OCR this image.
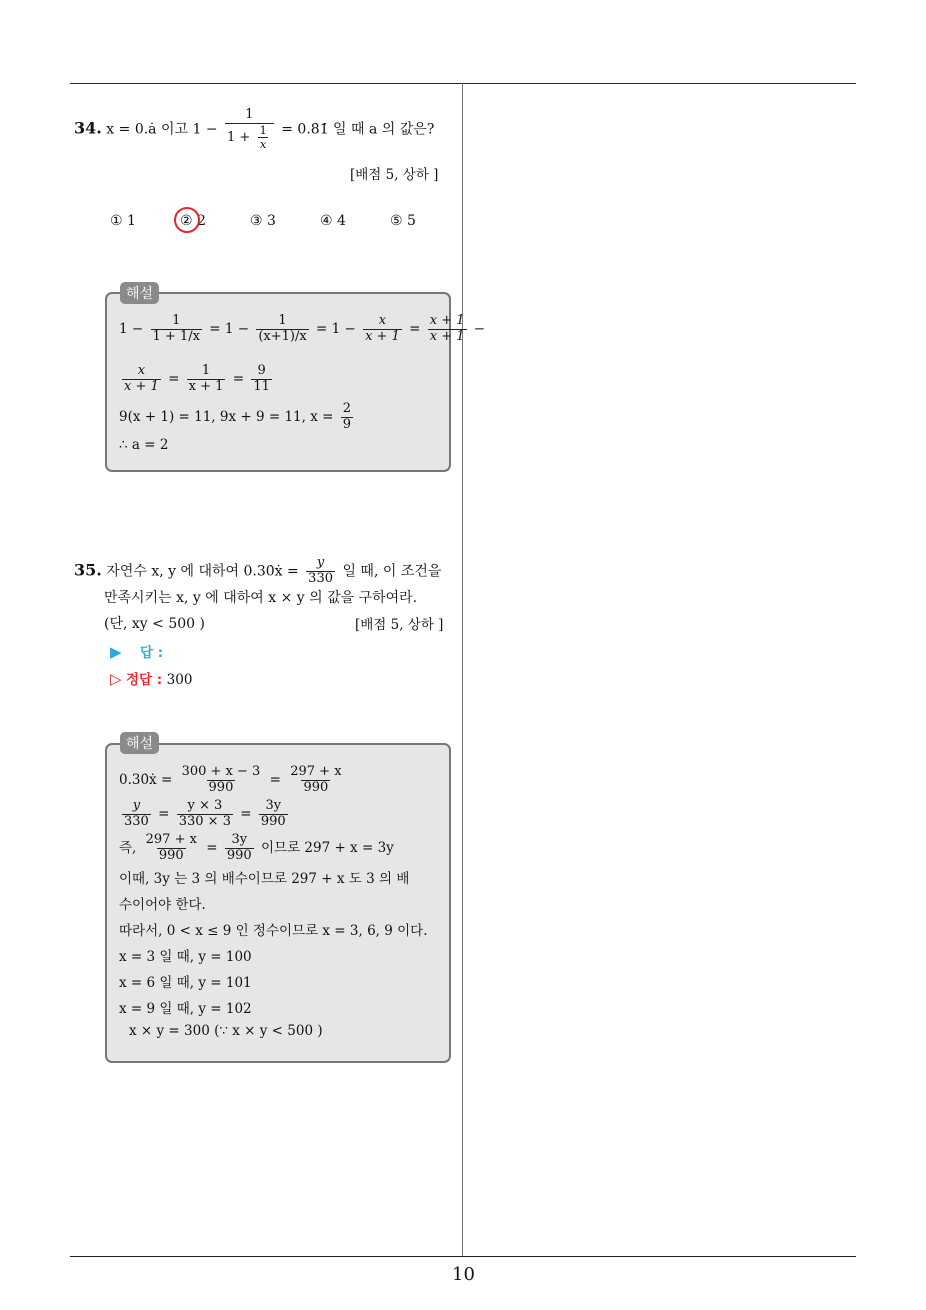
10
34. x = 0.ȧ 이고 $1 - \frac{1}{1 + \frac{1}{x}}$ = 0.8̇1̇ 일 때 a 의 값은?
[배점 5, 상하 ]
① 1	② 2	③ 3	④ 4	⑤ 5
$1 - \frac{1}{1 + 1/x} = 1 - \frac{1}{(x+1)/x} = 1 - \frac{x}{x + 1} = \frac{x + 1}{x + 1}$ −
$\frac{x}{x + 1} = \frac{1}{x + 1} = \frac{9}{11}$
9(x + 1) = 11, 9x + 9 = 11, $x = \frac{2}{9}$
∴ a = 2
해설
35. 자연수 x, y 에 대하여 0.30̇ẋ = $\frac{y}{330}$ 일 때, 이 조건을
만족시키는 x, y 에 대하여 x × y 의 값을 구하여라.
(단, xy < 500 )	[배점 5, 상하 ]
▶ 답 :
▷ 정답 : 300
0.30̇ẋ = $\frac{300 + x - 3}{990} = \frac{297 + x}{990}$
$\frac{y}{330} = \frac{y \times 3}{330 \times 3} = \frac{3y}{990}$
즉, $\frac{297 + x}{990} = \frac{3y}{990}$ 이므로 297 + x = 3y
이때, 3y 는 3 의 배수이므로 297 + x 도 3 의 배
수이어야 한다.
따라서, 0 < x ≤ 9 인 정수이므로 x = 3, 6, 9 이다.
x = 3 일 때, y = 100
x = 6 일 때, y = 101
x = 9 일 때, y = 102
x × y = 300 (∵ x × y < 500 )
해설
